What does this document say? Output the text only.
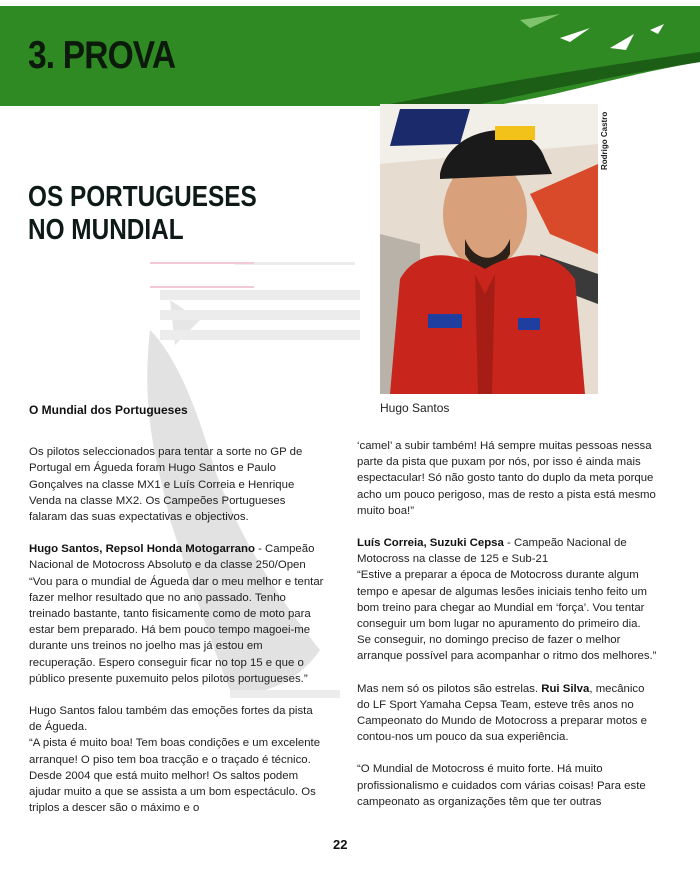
3. PROVA
OS PORTUGUESES
NO MUNDIAL
Rodrigo Castro
Hugo Santos
O Mundial dos Portugueses

Os pilotos seleccionados para tentar a sorte no GP de Portugal em Águeda foram Hugo Santos e Paulo Gonçalves na classe MX1 e Luís Correia e Henrique Venda na classe MX2. Os Campeões Portugueses falaram das suas expectativas e objectivos.

Hugo Santos, Repsol Honda Motogarrano - Campeão Nacional de Motocross Absoluto e da classe 250/Open
“Vou para o mundial de Águeda dar o meu melhor e tentar fazer melhor resultado que no ano passado. Tenho treinado bastante, tanto fisicamente como de moto para estar bem preparado. Há bem pouco tempo magoei-me durante uns treinos no joelho mas já estou em recuperação. Espero conseguir ficar no top 15 e que o público presente puxemuito pelos pilotos portugueses.”

Hugo Santos falou também das emoções fortes da pista de Águeda.
“A pista é muito boa! Tem boas condições e um excelente arranque! O piso tem boa tracção e o traçado é técnico. Desde 2004 que está muito melhor! Os saltos podem ajudar muito a que se assista a um bom espectáculo. Os triplos a descer são o máximo e o

‘camel’ a subir também! Há sempre muitas pessoas nessa parte da pista que puxam por nós, por isso é ainda mais espectacular! Só não gosto tanto do duplo da meta porque acho um pouco perigoso, mas de resto a pista está mesmo muito boa!”

Luís Correia, Suzuki Cepsa - Campeão Nacional de Motocross na classe de 125 e Sub-21
“Estive a preparar a época de Motocross durante algum tempo e apesar de algumas lesões iniciais tenho feito um bom treino para chegar ao Mundial em ‘força’. Vou tentar conseguir um bom lugar no apuramento do primeiro dia. Se conseguir, no domingo preciso de fazer o melhor arranque possível para acompanhar o ritmo dos melhores.”

Mas nem só os pilotos são estrelas. Rui Silva, mecânico do LF Sport Yamaha Cepsa Team, esteve três anos no Campeonato do Mundo de Motocross a preparar motos e contou-nos um pouco da sua experiência.

“O Mundial de Motocross é muito forte. Há muito profissionalismo e cuidados com várias coisas! Para este campeonato as organizações têm que ter outras

22
